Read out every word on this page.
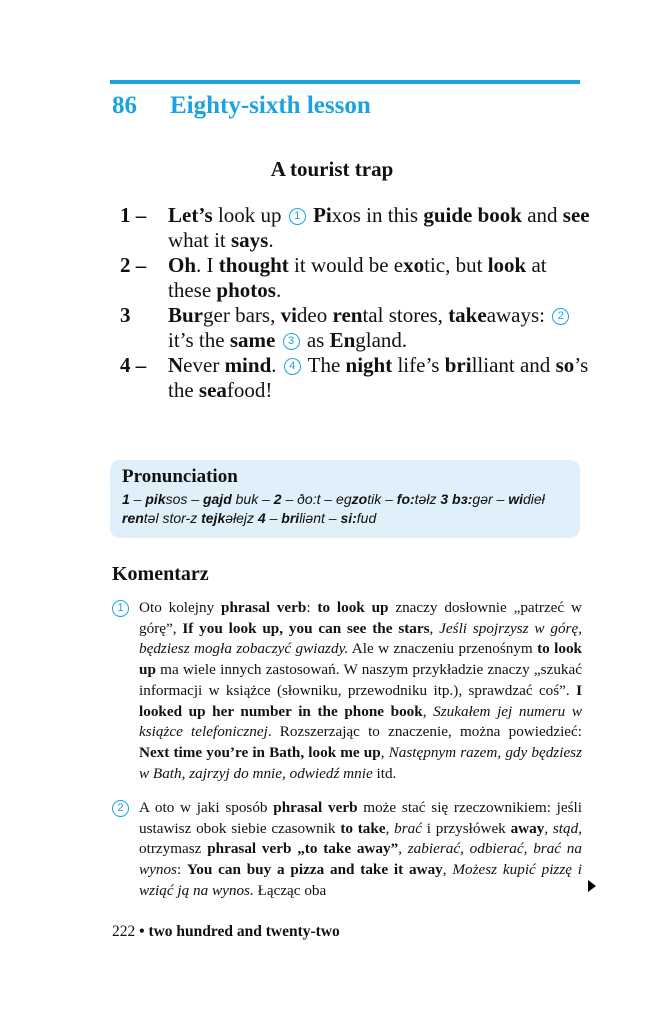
86 Eighty-sixth lesson
A tourist trap
1 –	Let’s look up 1 Pixos in this guide book and see what it says.
2 –	Oh. I thought it would be exotic, but look at these photos.
3	Burger bars, video rental stores, takeaways: 2it’s the same 3 as England.
4 –	Never mind. 4 The night life’s brilliant and so’s the seafood!
Pronunciation
1 – piksos – gajd buk – 2 – ðo:t – egzotik – fo:təłz 3 bɜ:gər – widieł rentəl stor-z tejkəłejz 4 – briliənt – si:fud
Komentarz
1	Oto kolejny phrasal verb: to look up znaczy dosłownie „patrzeć w górę”, If you look up, you can see the stars, Jeśli spojrzysz w górę, będziesz mogła zobaczyć gwiazdy. Ale w znaczeniu przenośnym to look up ma wiele innych zastosowań. W naszym przykładzie znaczy „szukać informacji w książce (słowniku, przewodniku itp.), sprawdzać coś”. I looked up her number in the phone book, Szukałem jej numeru w książce telefonicznej. Rozszerzając to znaczenie, można powiedzieć: Next time you’re in Bath, look me up, Następnym razem, gdy będziesz w Bath, zajrzyj do mnie, odwiedź mnie itd.
2	A oto w jaki sposób phrasal verb może stać się rzeczownikiem: jeśli ustawisz obok siebie czasownik to take, brać i przysłówek away, stąd, otrzymasz phrasal verb „to take away”, zabierać, odbierać, brać na wynos: You can buy a pizza and take it away, Możesz kupić pizzę i wziąć ją na wynos. Łącząc oba
222 • two hundred and twenty-two
